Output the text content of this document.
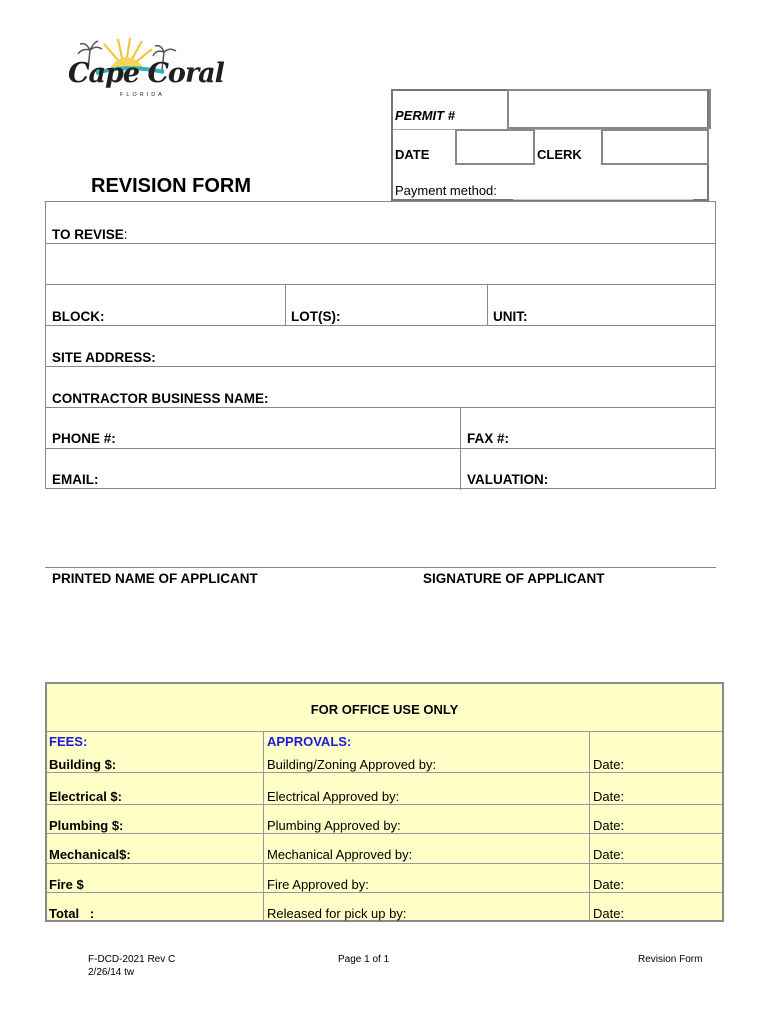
Cape Coral
FLORIDA
PERMIT #
DATE	CLERK
Payment method:
REVISION FORM
TO REVISE:
BLOCK:	LOT(S):	UNIT:
SITE ADDRESS:
CONTRACTOR BUSINESS NAME:
PHONE #:	FAX #:
EMAIL:	VALUATION:
PRINTED NAME OF APPLICANT	SIGNATURE OF APPLICANT
FOR OFFICE USE ONLY
FEES:	APPROVALS:
Building $:	Building/Zoning Approved by:	Date:
Electrical $:	Electrical Approved by:	Date:
Plumbing $:	Plumbing Approved by:	Date:
Mechanical$:	Mechanical Approved by:	Date:
Fire $	Fire Approved by:	Date:
Total   :	Released for pick up by:	Date:
F-DCD-2021 Rev C
2/26/14 tw
Page 1 of 1	Revision Form
